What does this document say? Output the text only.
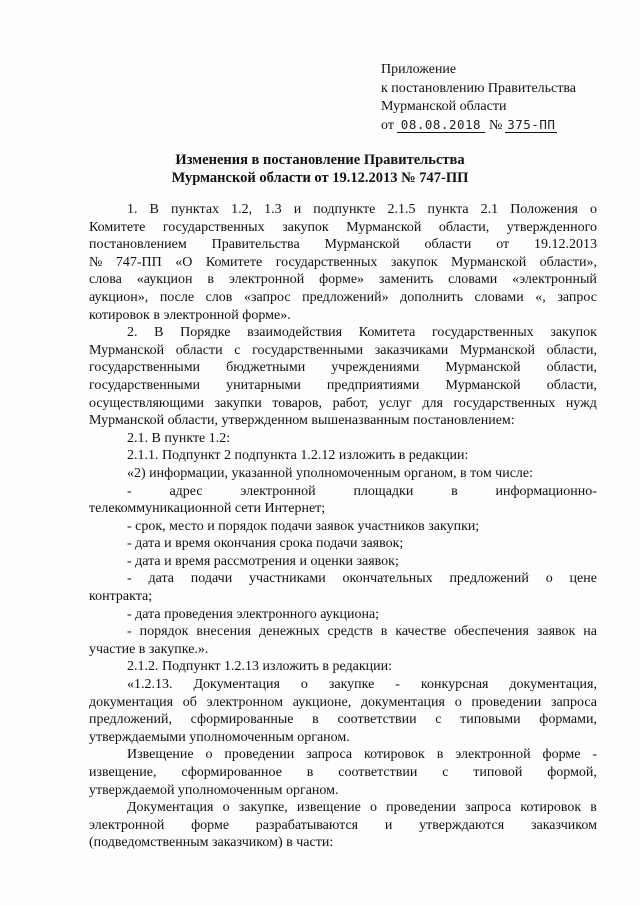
Приложение
к постановлению Правительства
Мурманской области
от 08.08.2018 № 375-ПП
Изменения в постановление Правительства
Мурманской области от 19.12.2013 № 747-ПП
1. В пунктах 1.2, 1.3 и подпункте 2.1.5 пункта 2.1 Положения о
Комитете государственных закупок Мурманской области, утвержденного
постановлением Правительства Мурманской области от 19.12.2013
№ 747-ПП «О Комитете государственных закупок Мурманской области»,
слова «аукцион в электронной форме» заменить словами «электронный
аукцион», после слов «запрос предложений» дополнить словами «, запрос
котировок в электронной форме».
2. В Порядке взаимодействия Комитета государственных закупок
Мурманской области с государственными заказчиками Мурманской области,
государственными бюджетными учреждениями Мурманской области,
государственными унитарными предприятиями Мурманской области,
осуществляющими закупки товаров, работ, услуг для государственных нужд
Мурманской области, утвержденном вышеназванным постановлением:
2.1. В пункте 1.2:
2.1.1. Подпункт 2 подпункта 1.2.12 изложить в редакции:
«2) информации, указанной уполномоченным органом, в том числе:
-	адрес	электронной	площадки	в	информационно-
телекоммуникационной сети Интернет;
- срок, место и порядок подачи заявок участников закупки;
- дата и время окончания срока подачи заявок;
- дата и время рассмотрения и оценки заявок;
- дата подачи участниками окончательных предложений о цене
контракта;
- дата проведения электронного аукциона;
- порядок внесения денежных средств в качестве обеспечения заявок на
участие в закупке.».
2.1.2. Подпункт 1.2.13 изложить в редакции:
«1.2.13. Документация о закупке - конкурсная документация,
документация об электронном аукционе, документация о проведении запроса
предложений, сформированные в соответствии с типовыми формами,
утверждаемыми уполномоченным органом.
Извещение о проведении запроса котировок в электронной форме -
извещение, сформированное в соответствии с типовой формой,
утверждаемой уполномоченным органом.
Документация о закупке, извещение о проведении запроса котировок в
электронной форме разрабатываются и утверждаются заказчиком
(подведомственным заказчиком) в части:
